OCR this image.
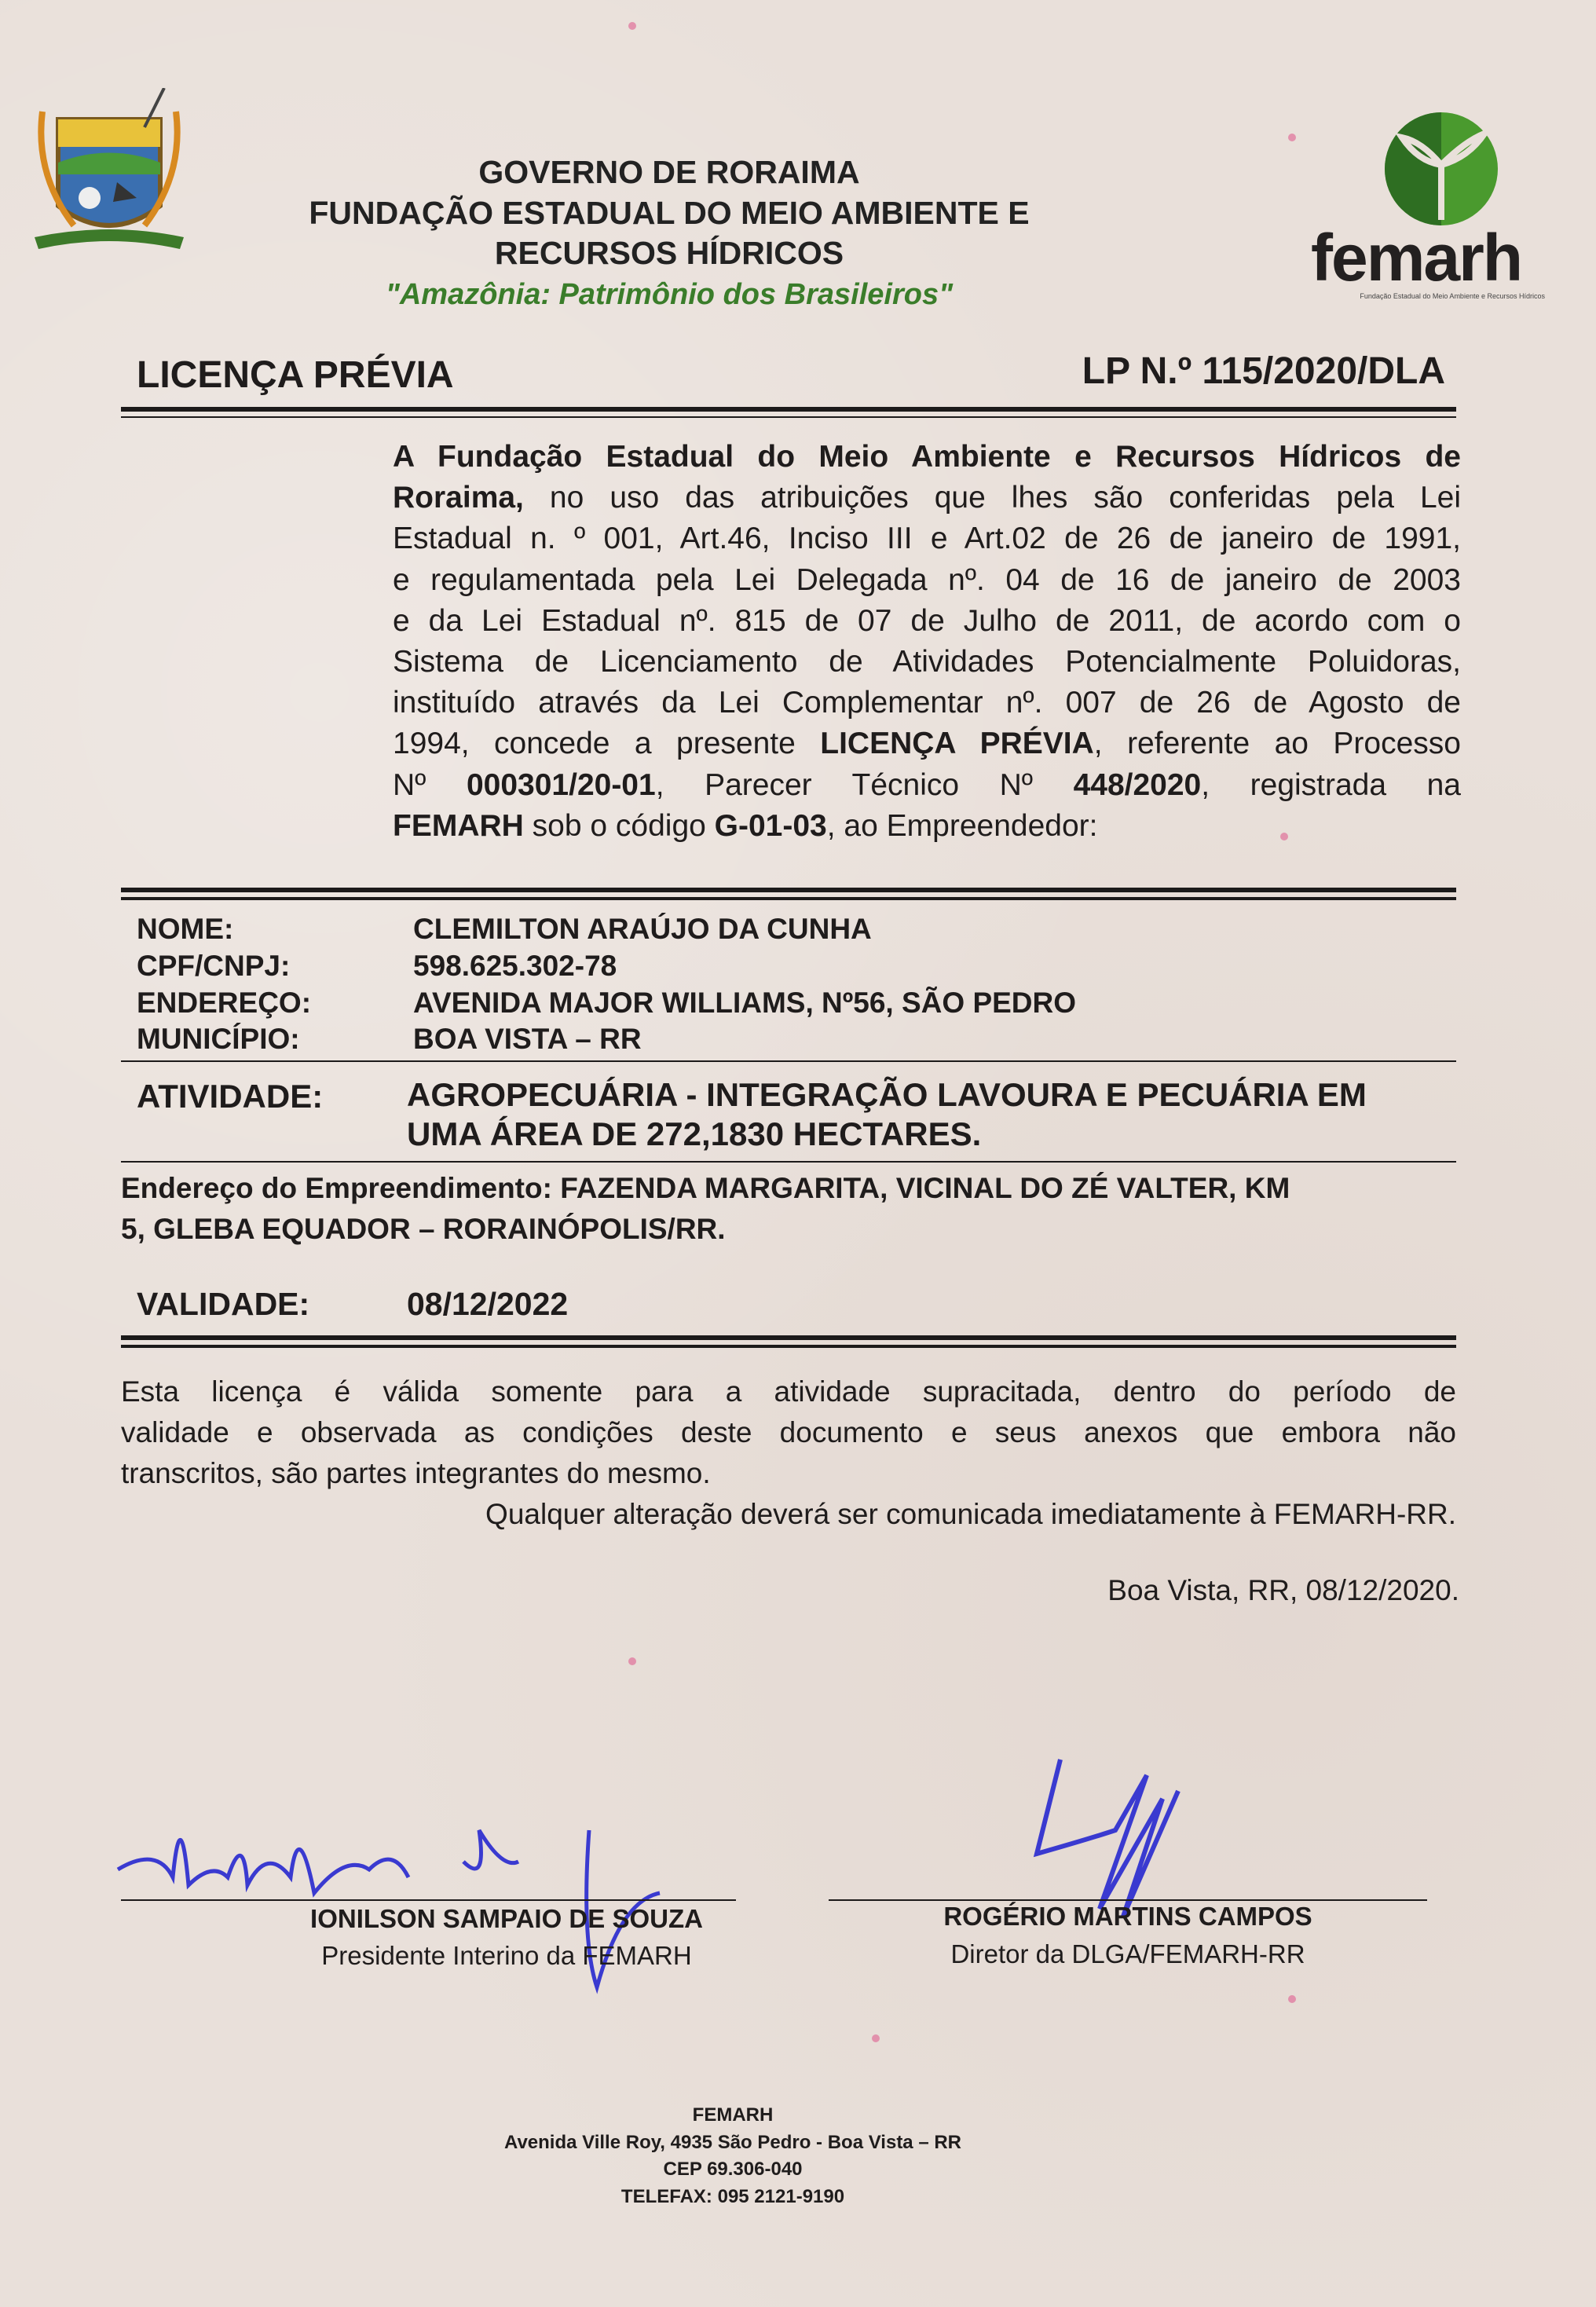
GOVERNO DE RORAIMA
FUNDAÇÃO ESTADUAL DO MEIO AMBIENTE E
RECURSOS HÍDRICOS
"Amazônia: Patrimônio dos Brasileiros"	femarh
Fundação Estadual do Meio Ambiente e Recursos Hídricos
LICENÇA PRÉVIA	LP N.º 115/2020/DLA
A Fundação Estadual do Meio Ambiente e Recursos Hídricos de
Roraima, no uso das atribuições que lhes são conferidas pela Lei
Estadual n. º 001, Art.46, Inciso III e Art.02 de 26 de janeiro de 1991,
e regulamentada pela Lei Delegada nº. 04 de 16 de janeiro de 2003
e da Lei Estadual nº. 815 de 07 de Julho de 2011, de acordo com o
Sistema de Licenciamento de Atividades Potencialmente Poluidoras,
instituído através da Lei Complementar nº. 007 de 26 de Agosto de
1994, concede a presente LICENÇA PRÉVIA, referente ao Processo
Nº 000301/20-01, Parecer Técnico Nº 448/2020, registrada na
FEMARH sob o código G-01-03, ao Empreendedor:
NOME:	CLEMILTON ARAÚJO DA CUNHA
CPF/CNPJ:	598.625.302-78
ENDEREÇO:	AVENIDA MAJOR WILLIAMS, Nº56, SÃO PEDRO
MUNICÍPIO:	BOA VISTA – RR
ATIVIDADE:	AGROPECUÁRIA - INTEGRAÇÃO LAVOURA E PECUÁRIA EM
UMA ÁREA DE 272,1830 HECTARES.
Endereço do Empreendimento: FAZENDA MARGARITA, VICINAL DO ZÉ VALTER, KM
5, GLEBA EQUADOR – RORAINÓPOLIS/RR.
VALIDADE:	08/12/2022
Esta licença é válida somente para a atividade supracitada, dentro do período de
validade e observada as condições deste documento e seus anexos que embora não
transcritos, são partes integrantes do mesmo.
Qualquer alteração deverá ser comunicada imediatamente à FEMARH-RR.
Boa Vista, RR, 08/12/2020.
IONILSON SAMPAIO DE SOUZA
Presidente Interino da FEMARH
ROGÉRIO MARTINS CAMPOS
Diretor da DLGA/FEMARH-RR
FEMARH
Avenida Ville Roy, 4935 São Pedro - Boa Vista – RR
CEP 69.306-040
TELEFAX: 095 2121-9190
